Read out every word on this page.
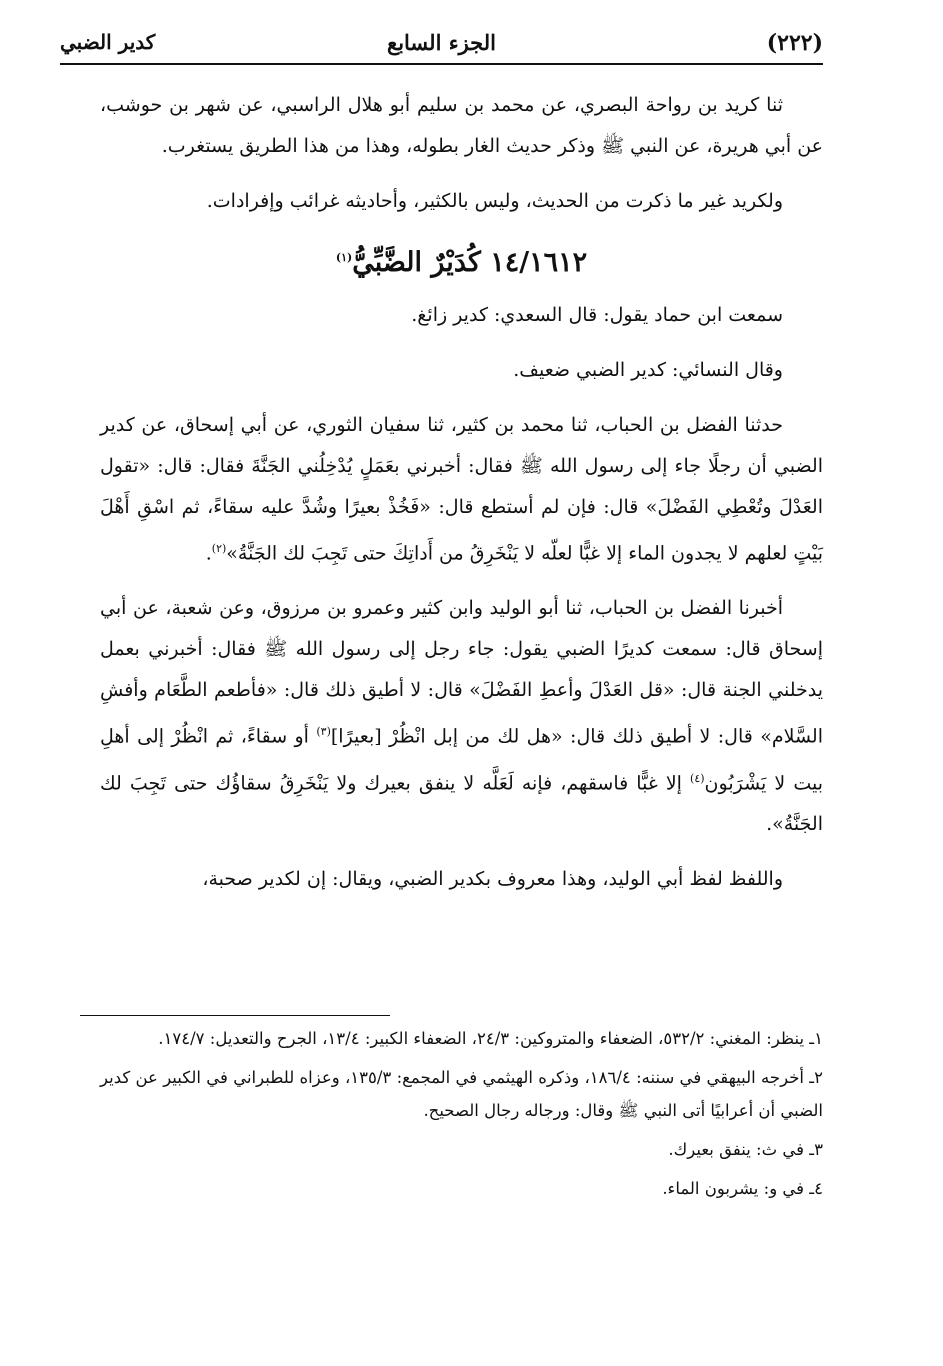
(٢٢٢)
الجزء السابع
كدير الضبي

ثنا كريد بن رواحة البصري، عن محمد بن سليم أبو هلال الراسبي، عن شهر بن حوشب، عن أبي هريرة، عن النبي ﷺ وذكر حديث الغار بطوله، وهذا من هذا الطريق يستغرب.

ولكريد غير ما ذكرت من الحديث، وليس بالكثير، وأحاديثه غرائب وإفرادات.

١٤/١٦١٢ كُدَيْرٌ الضَّبِّيُّ$^{(١)}$

سمعت ابن حماد يقول: قال السعدي: كدير زائغ.

وقال النسائي: كدير الضبي ضعيف.

حدثنا الفضل بن الحباب، ثنا محمد بن كثير، ثنا سفيان الثوري، عن أبي إسحاق، عن كدير الضبي أن رجلًا جاء إلى رسول الله ﷺ فقال: أخبرني بعَمَلٍ يُدْخِلُني الجَنَّةَ فقال: قال: «تقول العَدْلَ وتُعْطِي الفَضْلَ» قال: فإن لم أستطع قال: «فَخُذْ بعيرًا وشُدَّ عليه سقاءً، ثم اسْقِ أَهْلَ بَيْتٍ لعلهم لا يجدون الماء إلا غبًّا لعلّه لا يَنْخَرِقُ من أَداتِكَ حتى تَجِبَ لك الجَنَّةُ»$^{(٢)}$.

أخبرنا الفضل بن الحباب، ثنا أبو الوليد وابن كثير وعمرو بن مرزوق، وعن شعبة، عن أبي إسحاق قال: سمعت كديرًا الضبي يقول: جاء رجل إلى رسول الله ﷺ فقال: أخبرني بعمل يدخلني الجنة قال: «قل العَدْلَ وأعطِ الفَضْلَ» قال: لا أطيق ذلك قال: «فأطعم الطَّعَام وأفشِ السَّلام» قال: لا أطيق ذلك قال: «هل لك من إبل انْظُرْ [بعيرًا]$^{(٣)}$ أو سقاءً، ثم انْظُرْ إلى أهلِ بيت لا يَشْرَبُون$^{(٤)}$ إلا غبًّا فاسقهم، فإنه لَعَلَّه لا ينفق بعيرك ولا يَنْخَرِقُ سقاؤُك حتى تَجِبَ لك الجَنَّةُ».

واللفظ لفظ أبي الوليد، وهذا معروف بكدير الضبي، ويقال: إن لكدير صحبة،

١ـ ينظر: المغني: ٥٣٢/٢، الضعفاء والمتروكين: ٢٤/٣، الضعفاء الكبير: ١٣/٤، الجرح والتعديل: ١٧٤/٧.

٢ـ أخرجه البيهقي في سننه: ١٨٦/٤، وذكره الهيثمي في المجمع: ١٣٥/٣، وعزاه للطبراني في الكبير عن كدير الضبي أن أعرابيًا أتى النبي ﷺ وقال: ورجاله رجال الصحيح.

٣ـ في ث: ينفق بعيرك.

٤ـ في و: يشربون الماء.
